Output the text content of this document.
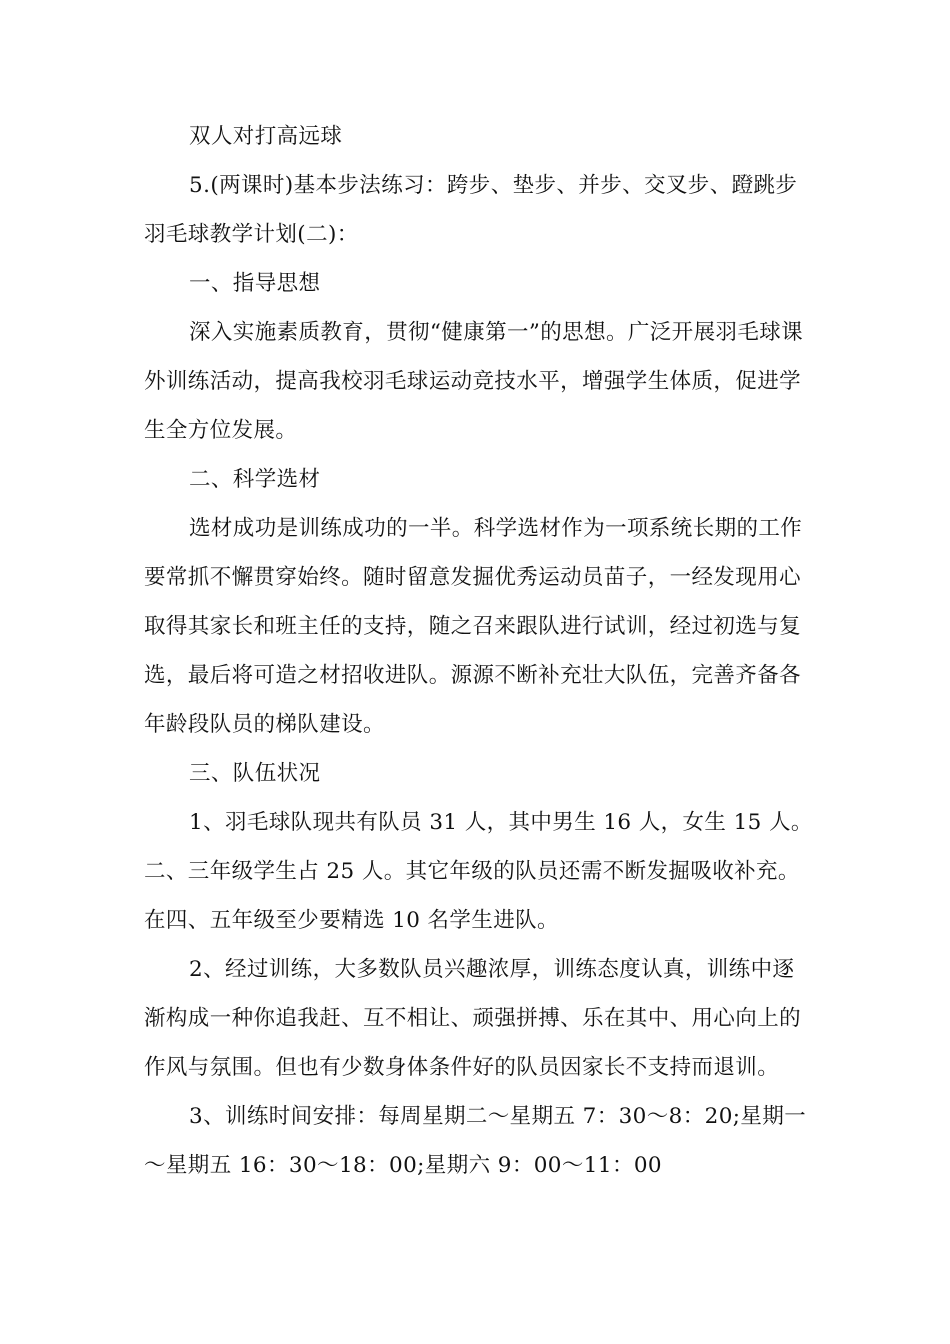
双人对打高远球

5.(两课时)基本步法练习：跨步、垫步、并步、交叉步、蹬跳步

羽毛球教学计划(二)：

一、指导思想

深入实施素质教育，贯彻“健康第一”的思想。广泛开展羽毛球课外训练活动，提高我校羽毛球运动竞技水平，增强学生体质，促进学生全方位发展。

二、科学选材

选材成功是训练成功的一半。科学选材作为一项系统长期的工作要常抓不懈贯穿始终。随时留意发掘优秀运动员苗子，一经发现用心取得其家长和班主任的支持，随之召来跟队进行试训，经过初选与复选，最后将可造之材招收进队。源源不断补充壮大队伍，完善齐备各年龄段队员的梯队建设。

三、队伍状况

1、羽毛球队现共有队员 31 人，其中男生 16 人，女生 15 人。二、三年级学生占 25 人。其它年级的队员还需不断发掘吸收补充。在四、五年级至少要精选 10 名学生进队。

2、经过训练，大多数队员兴趣浓厚，训练态度认真，训练中逐渐构成一种你追我赶、互不相让、顽强拼搏、乐在其中、用心向上的作风与氛围。但也有少数身体条件好的队员因家长不支持而退训。

3、训练时间安排：每周星期二～星期五 7：30～8：20;星期一～星期五 16：30～18：00;星期六 9：00～11：00
